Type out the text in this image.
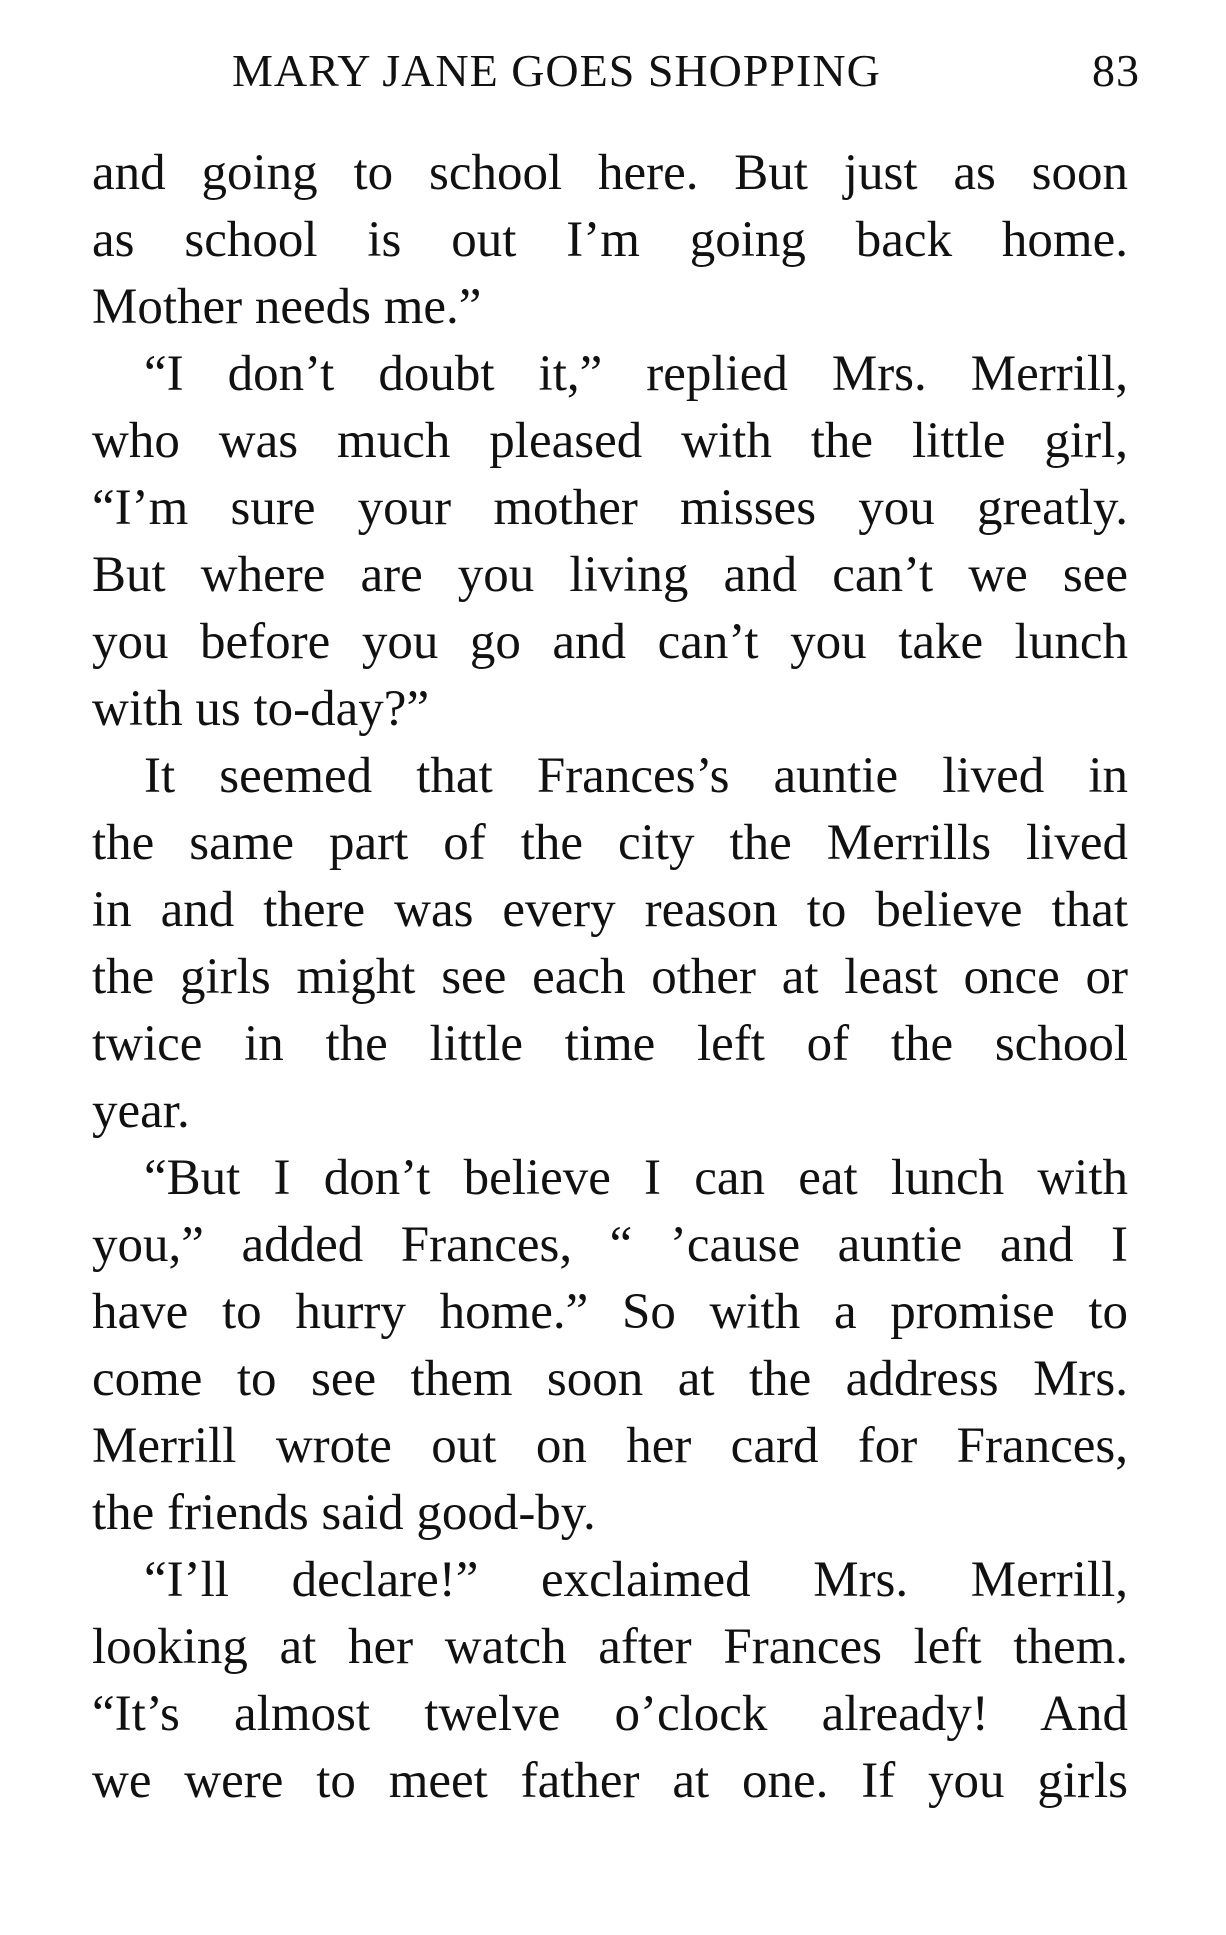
MARY JANE GOES SHOPPING	83
and going to school here. But just as soon
as school is out I’m going back home.
Mother needs me.”
“I don’t doubt it,” replied Mrs. Merrill,
who was much pleased with the little girl,
“I’m sure your mother misses you greatly.
But where are you living and can’t we see
you before you go and can’t you take lunch
with us to-day?”
It seemed that Frances’s auntie lived in
the same part of the city the Merrills lived
in and there was every reason to believe that
the girls might see each other at least once or
twice in the little time left of the school
year.
“But I don’t believe I can eat lunch with
you,” added Frances, “ ’cause auntie and I
have to hurry home.” So with a promise to
come to see them soon at the address Mrs.
Merrill wrote out on her card for Frances,
the friends said good-by.
“I’ll declare!” exclaimed Mrs. Merrill,
looking at her watch after Frances left them.
“It’s almost twelve o’clock already! And
we were to meet father at one. If you girls
